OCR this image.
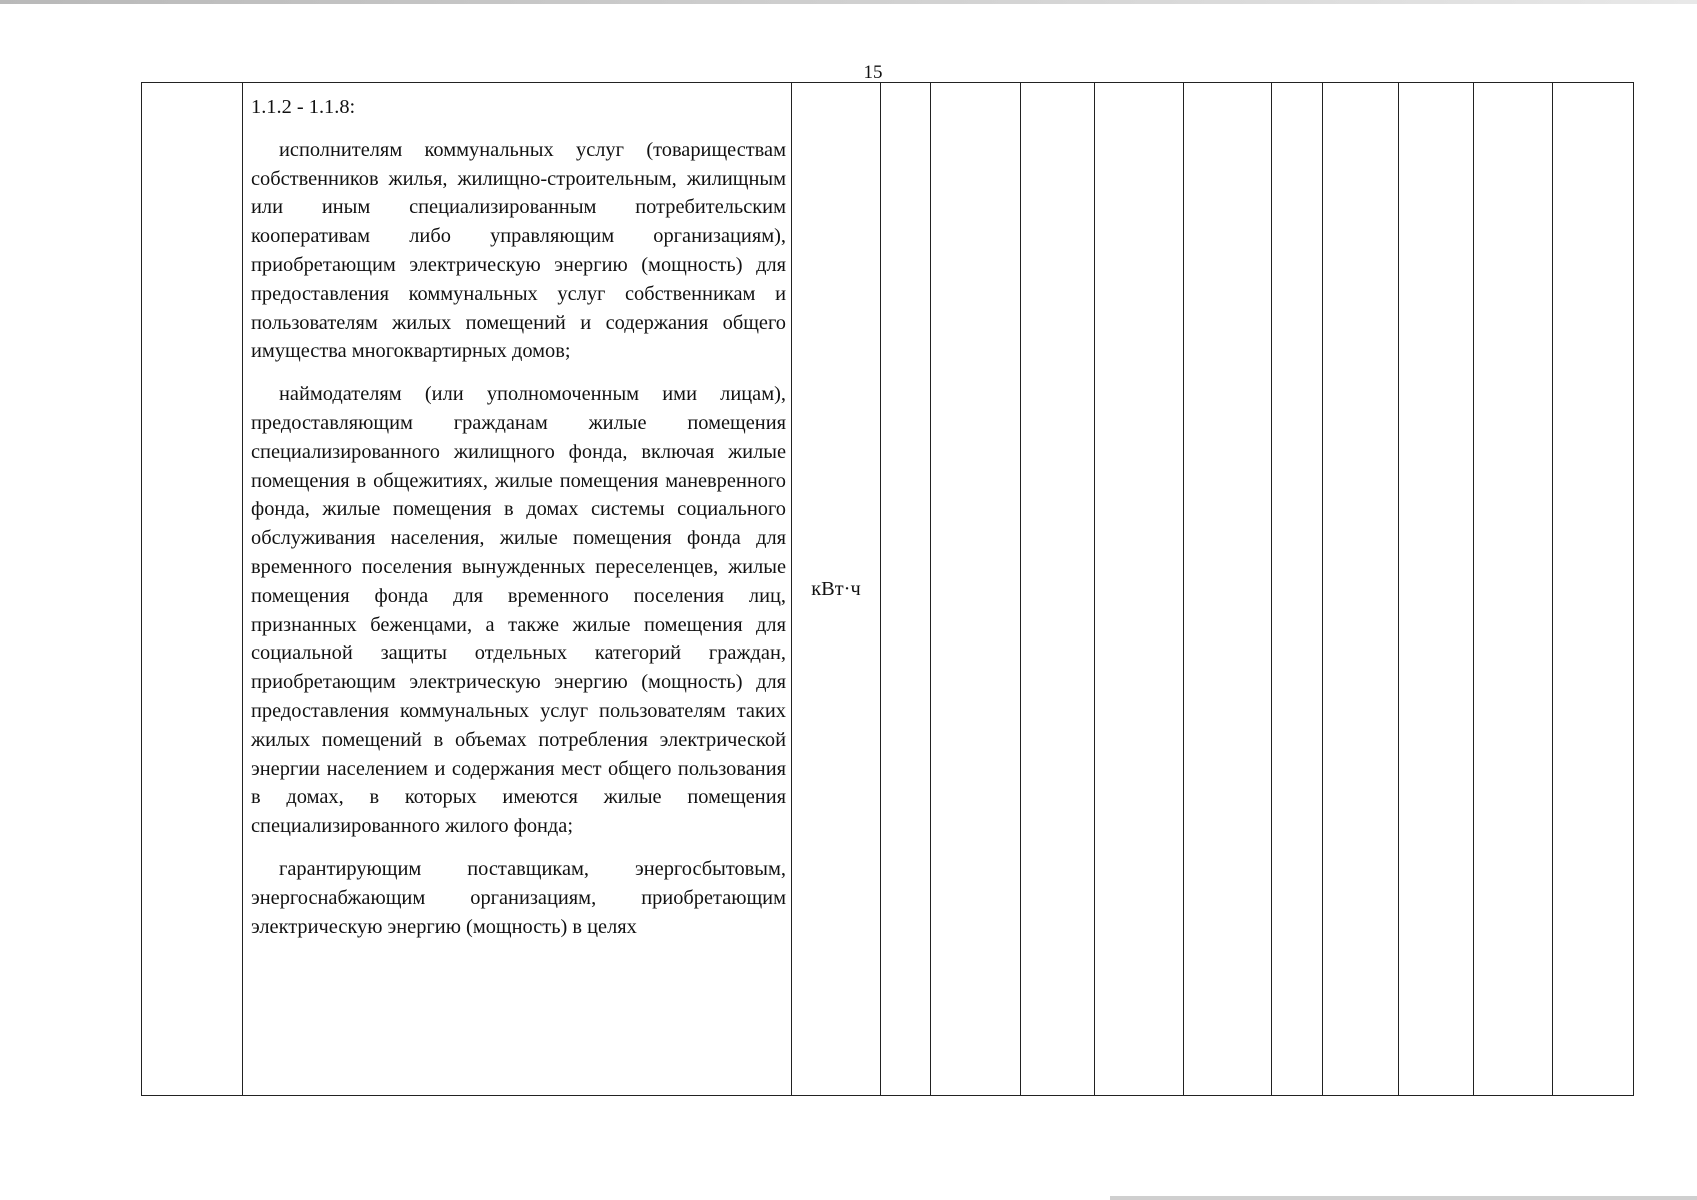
15

1.1.2 - 1.1.8:

исполнителям коммунальных услуг (товариществам собственников жилья, жилищно-строительным, жилищным или иным специализированным потребительским кооперативам либо управляющим организациям), приобретающим электрическую энергию (мощность) для предоставления коммунальных услуг собственникам и пользователям жилых помещений и содержания общего имущества многоквартирных домов;

наймодателям (или уполномоченным ими лицам), предоставляющим гражданам жилые помещения специализированного жилищного фонда, включая жилые помещения в общежитиях, жилые помещения маневренного фонда, жилые помещения в домах системы социального обслуживания населения, жилые помещения фонда для временного поселения вынужденных переселенцев, жилые помещения фонда для временного поселения лиц, признанных беженцами, а также жилые помещения для социальной защиты отдельных категорий граждан, приобретающим электрическую энергию (мощность) для предоставления коммунальных услуг пользователям таких жилых помещений в объемах потребления электрической энергии населением и содержания мест общего пользования в домах, в которых имеются жилые помещения специализированного жилого фонда;

гарантирующим поставщикам, энергосбытовым, энергоснабжающим организациям, приобретающим электрическую энергию (мощность) в целях

	кВт·ч										
